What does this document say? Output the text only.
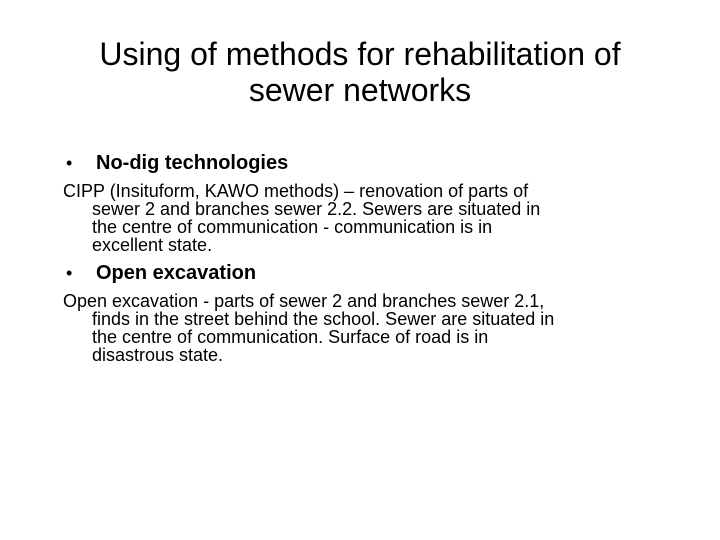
Using of methods for rehabilitation of
sewer networks
•	No-dig technologies
CIPP (Insituform, KAWO methods) – renovation of parts of
sewer 2 and branches sewer 2.2. Sewers are situated in
the centre of communication - communication is in
excellent state.
•	Open excavation
Open excavation - parts of sewer 2 and branches sewer 2.1,
finds in the street behind the school. Sewer are situated in
the centre of communication. Surface of road is in
disastrous state.
